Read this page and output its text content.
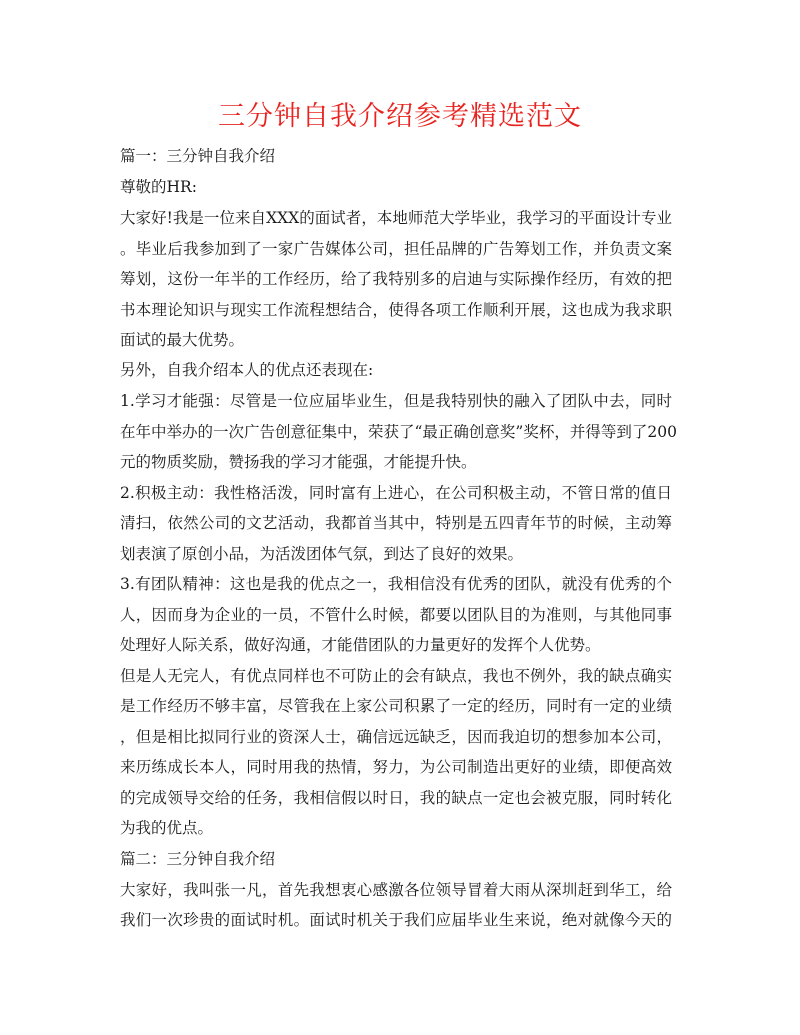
三分钟自我介绍参考精选范文
篇一：三分钟自我介绍
尊敬的HR:
大家好!我是一位来自XXX的面试者，本地师范大学毕业，我学习的平面设计专业
。毕业后我参加到了一家广告媒体公司，担任品牌的广告筹划工作，并负责文案
筹划，这份一年半的工作经历，给了我特别多的启迪与实际操作经历，有效的把
书本理论知识与现实工作流程想结合，使得各项工作顺利开展，这也成为我求职
面试的最大优势。
另外，自我介绍本人的优点还表现在:
1.学习才能强：尽管是一位应届毕业生，但是我特别快的融入了团队中去，同时
在年中举办的一次广告创意征集中，荣获了“最正确创意奖”奖杯，并得等到了200
元的物质奖励，赞扬我的学习才能强，才能提升快。
2.积极主动：我性格活泼，同时富有上进心，在公司积极主动，不管日常的值日
清扫，依然公司的文艺活动，我都首当其中，特别是五四青年节的时候，主动筹
划表演了原创小品，为活泼团体气氛，到达了良好的效果。
3.有团队精神：这也是我的优点之一，我相信没有优秀的团队，就没有优秀的个
人，因而身为企业的一员，不管什么时候，都要以团队目的为准则，与其他同事
处理好人际关系，做好沟通，才能借团队的力量更好的发挥个人优势。
但是人无完人，有优点同样也不可防止的会有缺点，我也不例外，我的缺点确实
是工作经历不够丰富，尽管我在上家公司积累了一定的经历，同时有一定的业绩
，但是相比拟同行业的资深人士，确信远远缺乏，因而我迫切的想参加本公司，
来历练成长本人，同时用我的热情，努力，为公司制造出更好的业绩，即便高效
的完成领导交给的任务，我相信假以时日，我的缺点一定也会被克服，同时转化
为我的优点。
篇二：三分钟自我介绍
大家好，我叫张一凡，首先我想衷心感激各位领导冒着大雨从深圳赶到华工，给
我们一次珍贵的面试时机。面试时机关于我们应届毕业生来说，绝对就像今天的
